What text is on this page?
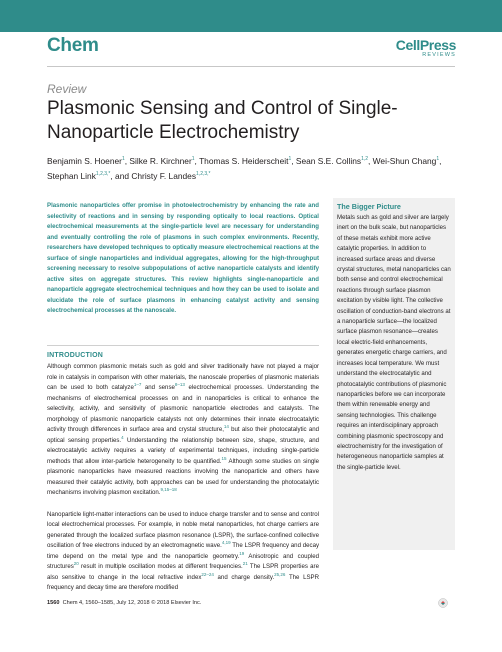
Chem	CellPress
REVIEWS
Review
Plasmonic Sensing and Control of Single-Nanoparticle Electrochemistry
Benjamin S. Hoener$^1$, Silke R. Kirchner$^1$, Thomas S. Heiderscheit$^1$, Sean S.E. Collins$^{1,2}$, Wei-Shun Chang$^1$, Stephan Link$^{1,2,3,*}$, and Christy F. Landes$^{1,2,3,*}$

Plasmonic nanoparticles offer promise in photoelectrochemistry by enhancing the rate and selectivity of reactions and in sensing by responding optically to local reactions. Optical electrochemical measurements at the single-particle level are necessary for understanding and eventually controlling the role of plasmons in such complex environments. Recently, researchers have developed techniques to optically measure electrochemical reactions at the surface of single nanoparticles and individual aggregates, allowing for the high-throughput screening necessary to resolve subpopulations of active nanoparticle catalysts and identify active sites on aggregate structures. This review highlights single-nanoparticle and nanoparticle aggregate electrochemical techniques and how they can be used to isolate and elucidate the role of surface plasmons in enhancing catalyst activity and sensing electrochemical processes at the nanoscale.

INTRODUCTION

Although common plasmonic metals such as gold and silver traditionally have not played a major role in catalysis in comparison with other materials, the nanoscale properties of plasmonic materials can be used to both catalyze$^{1-7}$ and sense$^{8-13}$ electrochemical processes. Understanding the mechanisms of electrochemical processes on and in nanoparticles is critical to enhance the selectivity, activity, and sensitivity of plasmonic nanoparticle electrodes and catalysts. The morphology of plasmonic nanoparticle catalysts not only determines their innate electrocatalytic activity through differences in surface area and crystal structure,$^{14}$ but also their photocatalytic and optical sensing properties.$^4$ Understanding the relationship between size, shape, structure, and electrocatalytic activity requires a variety of experimental techniques, including single-particle methods that allow inter-particle heterogeneity to be quantified.$^{15}$ Although some studies on single plasmonic nanoparticles have measured reactions involving the nanoparticle and others have measured their catalytic activity, both approaches can be used for understanding the photocatalytic mechanisms involving plasmon excitation.$^{9,15-18}$

Nanoparticle light-matter interactions can be used to induce charge transfer and to sense and control local electrochemical processes. For example, in noble metal nanoparticles, hot charge carriers are generated through the localized surface plasmon resonance (LSPR), the surface-confined collective oscillation of free electrons induced by an electromagnetic wave.$^{4,19}$ The LSPR frequency and decay time depend on the metal type and the nanoparticle geometry.$^{19}$ Anisotropic and coupled structures$^{20}$ result in multiple oscillation modes at different frequencies.$^{21}$ The LSPR properties are also sensitive to change in the local refractive index$^{22-24}$ and charge density.$^{25,26}$ The LSPR frequency and decay time are therefore modified

The Bigger Picture
Metals such as gold and silver are largely inert on the bulk scale, but nanoparticles of these metals exhibit more active catalytic properties. In addition to increased surface areas and diverse crystal structures, metal nanoparticles can both sense and control electrochemical reactions through surface plasmon excitation by visible light. The collective oscillation of conduction-band electrons at a nanoparticle surface—the localized surface plasmon resonance—creates local electric-field enhancements, generates energetic charge carriers, and increases local temperature. We must understand the electrocatalytic and photocatalytic contributions of plasmonic nanoparticles before we can incorporate them within renewable energy and sensing technologies. This challenge requires an interdisciplinary approach combining plasmonic spectroscopy and electrochemistry for the investigation of heterogeneous nanoparticle samples at the single-particle level.
1560 Chem 4, 1560–1585, July 12, 2018 © 2018 Elsevier Inc.
